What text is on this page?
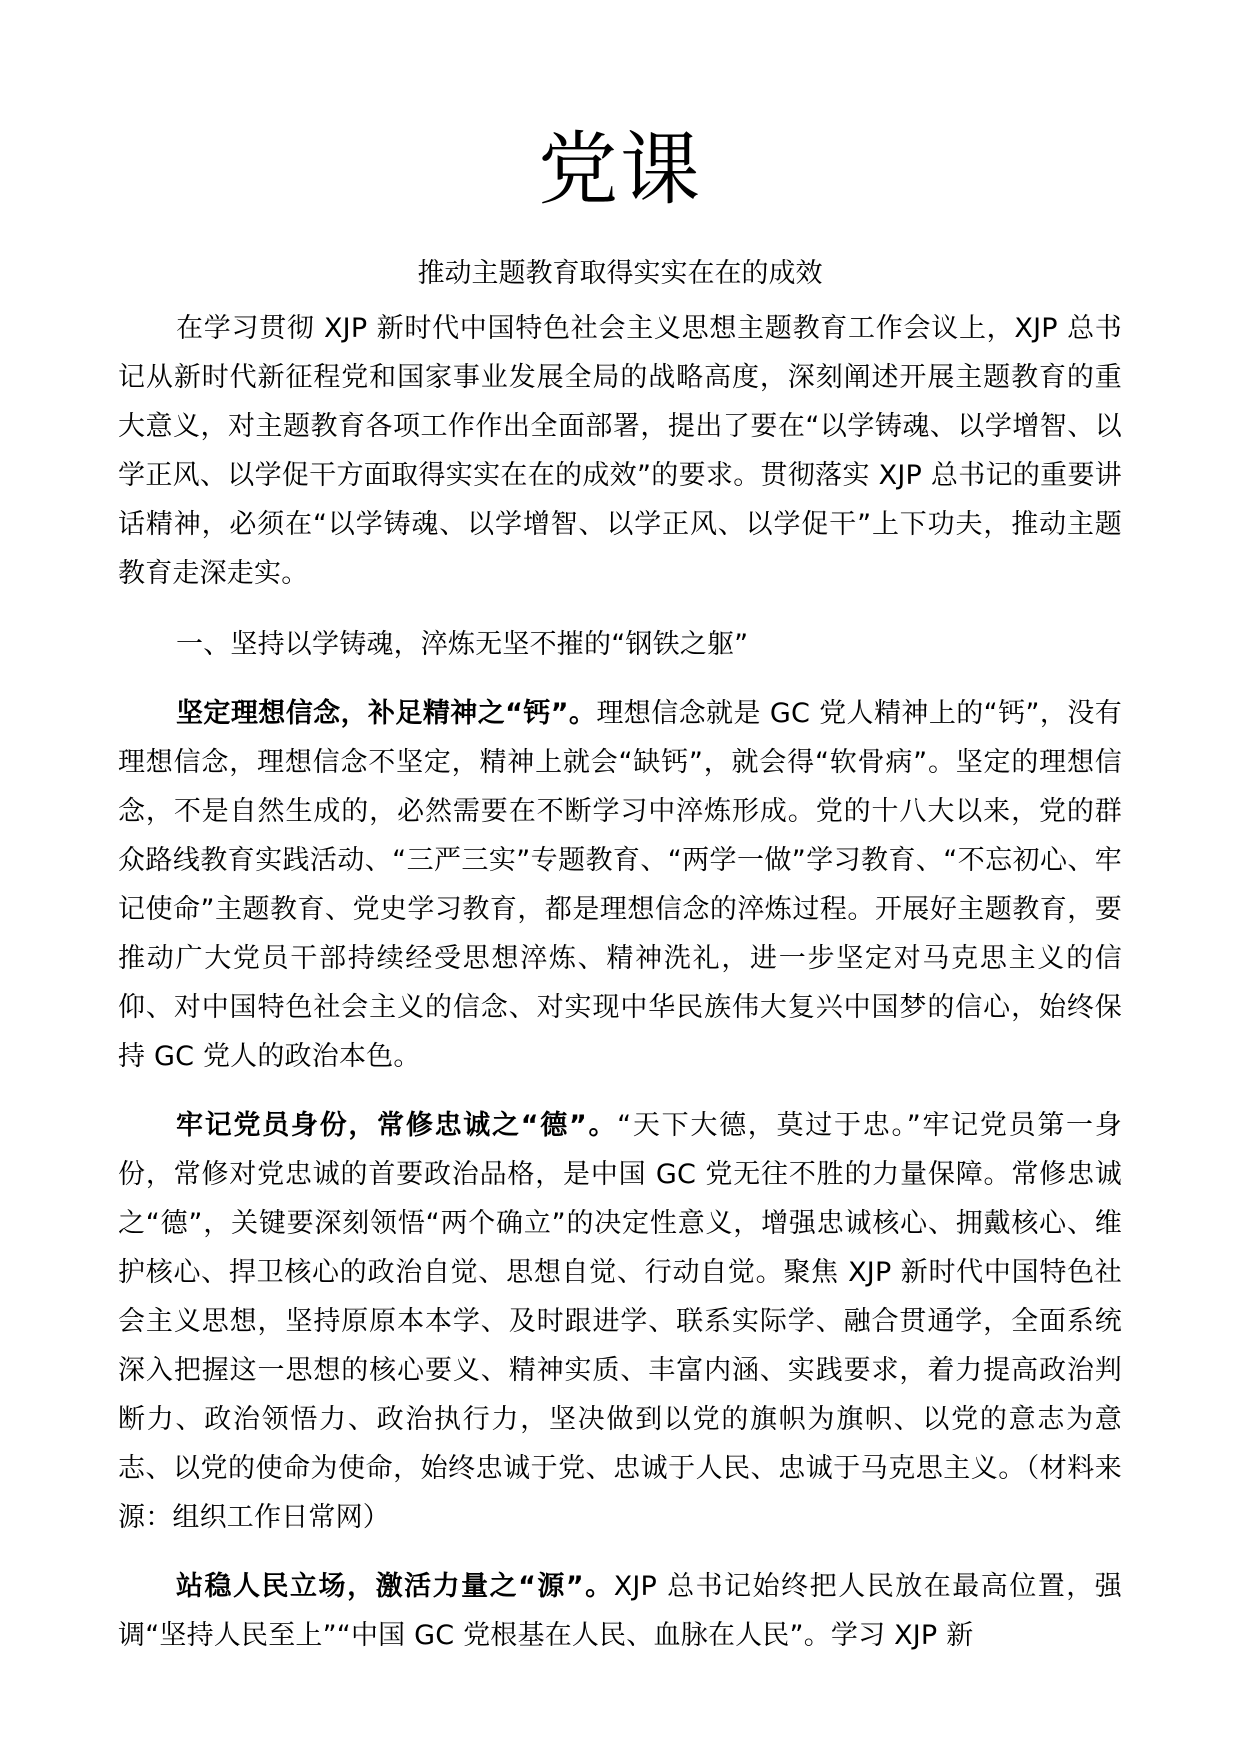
党课
推动主题教育取得实实在在的成效

在学习贯彻 XJP 新时代中国特色社会主义思想主题教育工作会议上，XJP 总书记从新时代新征程党和国家事业发展全局的战略高度，深刻阐述开展主题教育的重大意义，对主题教育各项工作作出全面部署，提出了要在“以学铸魂、以学增智、以学正风、以学促干方面取得实实在在的成效”的要求。贯彻落实 XJP 总书记的重要讲话精神，必须在“以学铸魂、以学增智、以学正风、以学促干”上下功夫，推动主题教育走深走实。

一、坚持以学铸魂，淬炼无坚不摧的“钢铁之躯”

坚定理想信念，补足精神之“钙”。理想信念就是 GC 党人精神上的“钙”，没有理想信念，理想信念不坚定，精神上就会“缺钙”，就会得“软骨病”。坚定的理想信念，不是自然生成的，必然需要在不断学习中淬炼形成。党的十八大以来，党的群众路线教育实践活动、“三严三实”专题教育、“两学一做”学习教育、“不忘初心、牢记使命”主题教育、党史学习教育，都是理想信念的淬炼过程。开展好主题教育，要推动广大党员干部持续经受思想淬炼、精神洗礼，进一步坚定对马克思主义的信仰、对中国特色社会主义的信念、对实现中华民族伟大复兴中国梦的信心，始终保持 GC 党人的政治本色。

牢记党员身份，常修忠诚之“德”。“天下大德，莫过于忠。”牢记党员第一身份，常修对党忠诚的首要政治品格，是中国 GC 党无往不胜的力量保障。常修忠诚之“德”，关键要深刻领悟“两个确立”的决定性意义，增强忠诚核心、拥戴核心、维护核心、捍卫核心的政治自觉、思想自觉、行动自觉。聚焦 XJP 新时代中国特色社会主义思想，坚持原原本本学、及时跟进学、联系实际学、融合贯通学，全面系统深入把握这一思想的核心要义、精神实质、丰富内涵、实践要求，着力提高政治判断力、政治领悟力、政治执行力，坚决做到以党的旗帜为旗帜、以党的意志为意志、以党的使命为使命，始终忠诚于党、忠诚于人民、忠诚于马克思主义。（材料来源：组织工作日常网）

站稳人民立场，激活力量之“源”。XJP 总书记始终把人民放在最高位置，强调“坚持人民至上”“中国 GC 党根基在人民、血脉在人民”。学习 XJP 新
